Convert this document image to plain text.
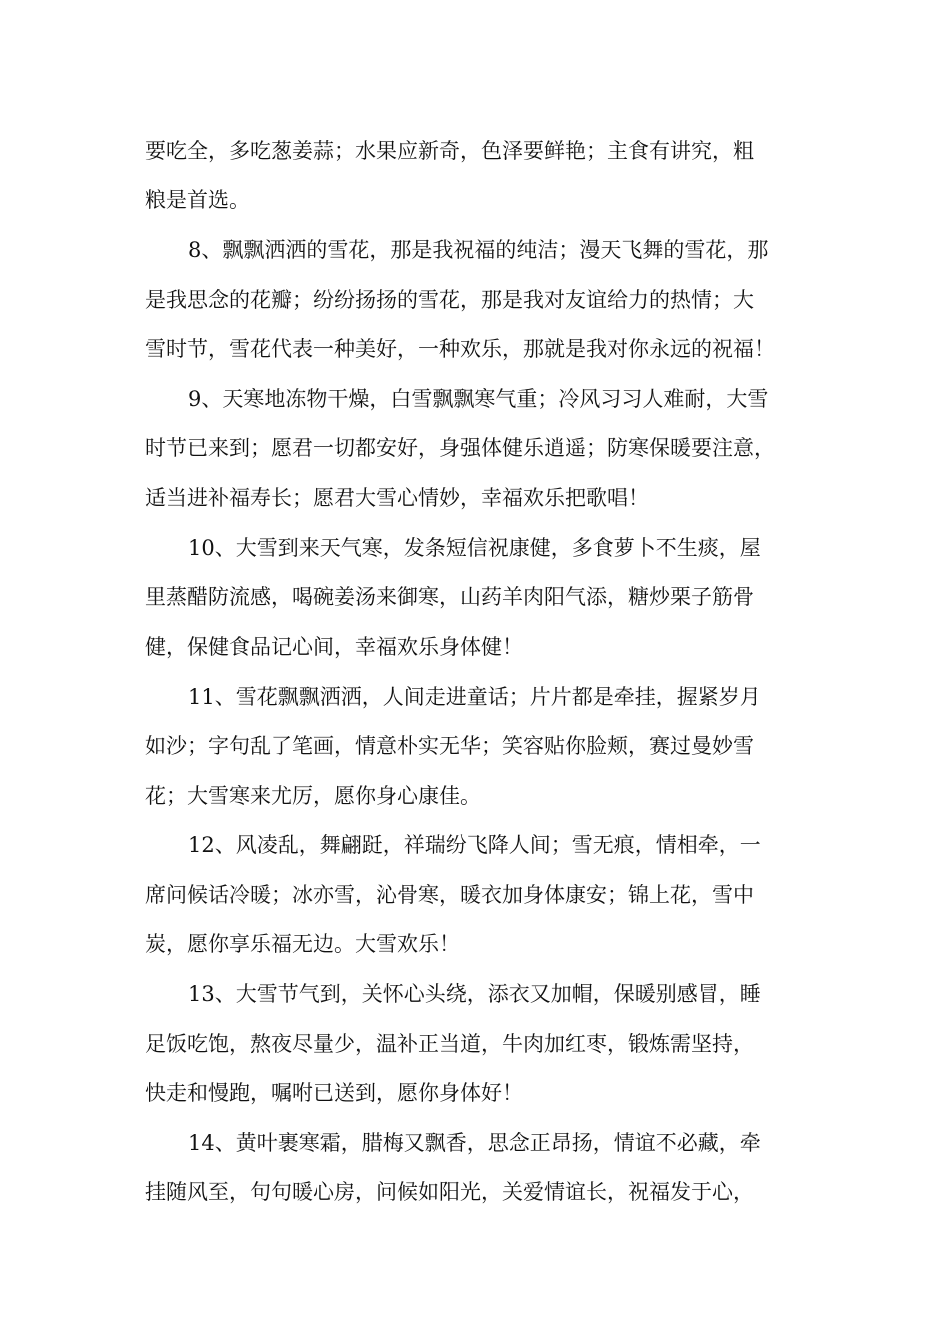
要吃全，多吃葱姜蒜；水果应新奇，色泽要鲜艳；主食有讲究，粗

粮是首选。

8、飘飘洒洒的雪花，那是我祝福的纯洁；漫天飞舞的雪花，那

是我思念的花瓣；纷纷扬扬的雪花，那是我对友谊给力的热情；大

雪时节，雪花代表一种美好，一种欢乐，那就是我对你永远的祝福！

9、天寒地冻物干燥，白雪飘飘寒气重；冷风习习人难耐，大雪

时节已来到；愿君一切都安好，身强体健乐逍遥；防寒保暖要注意，

适当进补福寿长；愿君大雪心情妙，幸福欢乐把歌唱！

10、大雪到来天气寒，发条短信祝康健，多食萝卜不生痰，屋

里蒸醋防流感，喝碗姜汤来御寒，山药羊肉阳气添，糖炒栗子筋骨

健，保健食品记心间，幸福欢乐身体健！

11、雪花飘飘洒洒，人间走进童话；片片都是牵挂，握紧岁月

如沙；字句乱了笔画，情意朴实无华；笑容贴你脸颊，赛过曼妙雪

花；大雪寒来尤厉，愿你身心康佳。

12、风凌乱，舞翩跹，祥瑞纷飞降人间；雪无痕，情相牵，一

席问候话冷暖；冰亦雪，沁骨寒，暖衣加身体康安；锦上花，雪中

炭，愿你享乐福无边。大雪欢乐！

13、大雪节气到，关怀心头绕，添衣又加帽，保暖别感冒，睡

足饭吃饱，熬夜尽量少，温补正当道，牛肉加红枣，锻炼需坚持，

快走和慢跑，嘱咐已送到，愿你身体好！

14、黄叶裹寒霜，腊梅又飘香，思念正昂扬，情谊不必藏，牵

挂随风至，句句暖心房，问候如阳光，关爱情谊长，祝福发于心，
